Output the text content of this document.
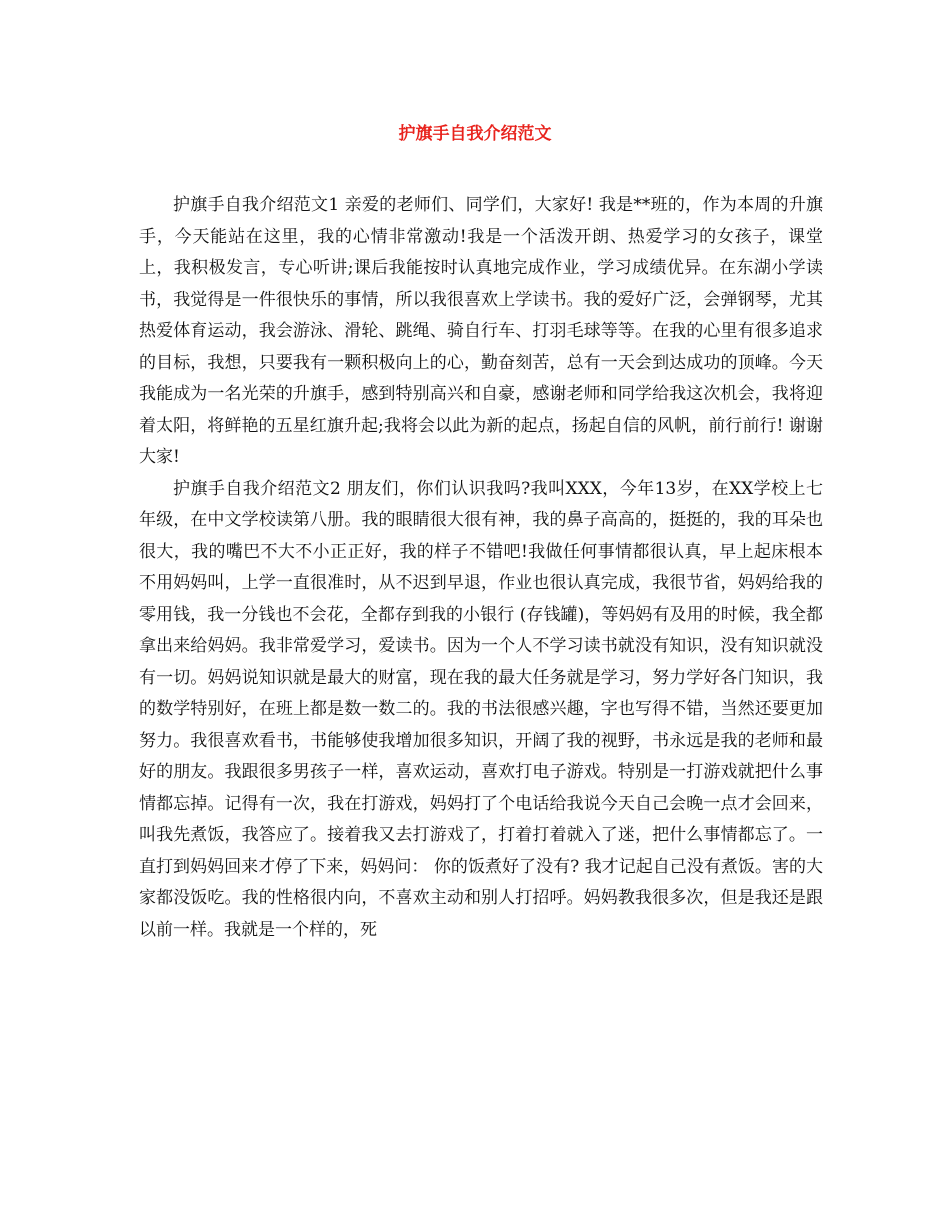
护旗手自我介绍范文

护旗手自我介绍范文1 亲爱的老师们、同学们，大家好! 我是**班的，作为本周的升旗手，今天能站在这里，我的心情非常激动!我是一个活泼开朗、热爱学习的女孩子，课堂上，我积极发言，专心听讲;课后我能按时认真地完成作业，学习成绩优异。在东湖小学读书，我觉得是一件很快乐的事情，所以我很喜欢上学读书。我的爱好广泛，会弹钢琴，尤其热爱体育运动，我会游泳、滑轮、跳绳、骑自行车、打羽毛球等等。在我的心里有很多追求的目标，我想，只要我有一颗积极向上的心，勤奋刻苦，总有一天会到达成功的顶峰。今天我能成为一名光荣的升旗手，感到特别高兴和自豪，感谢老师和同学给我这次机会，我将迎着太阳，将鲜艳的五星红旗升起;我将会以此为新的起点，扬起自信的风帆，前行前行! 谢谢大家!

护旗手自我介绍范文2 朋友们，你们认识我吗?我叫XXX，今年13岁，在XX学校上七年级，在中文学校读第八册。我的眼睛很大很有神，我的鼻子高高的，挺挺的，我的耳朵也很大，我的嘴巴不大不小正正好，我的样子不错吧!我做任何事情都很认真，早上起床根本不用妈妈叫，上学一直很准时，从不迟到早退，作业也很认真完成，我很节省，妈妈给我的零用钱，我一分钱也不会花，全都存到我的小银行 (存钱罐)，等妈妈有及用的时候，我全都拿出来给妈妈。我非常爱学习，爱读书。因为一个人不学习读书就没有知识，没有知识就没有一切。妈妈说知识就是最大的财富，现在我的最大任务就是学习，努力学好各门知识，我的数学特别好，在班上都是数一数二的。我的书法很感兴趣，字也写得不错，当然还要更加努力。我很喜欢看书，书能够使我增加很多知识，开阔了我的视野，书永远是我的老师和最好的朋友。我跟很多男孩子一样，喜欢运动，喜欢打电子游戏。特别是一打游戏就把什么事情都忘掉。记得有一次，我在打游戏，妈妈打了个电话给我说今天自己会晚一点才会回来，叫我先煮饭，我答应了。接着我又去打游戏了，打着打着就入了迷，把什么事情都忘了。一直打到妈妈回来才停了下来，妈妈问： 你的饭煮好了没有? 我才记起自己没有煮饭。害的大家都没饭吃。我的性格很内向，不喜欢主动和别人打招呼。妈妈教我很多次，但是我还是跟以前一样。我就是一个样的，死
